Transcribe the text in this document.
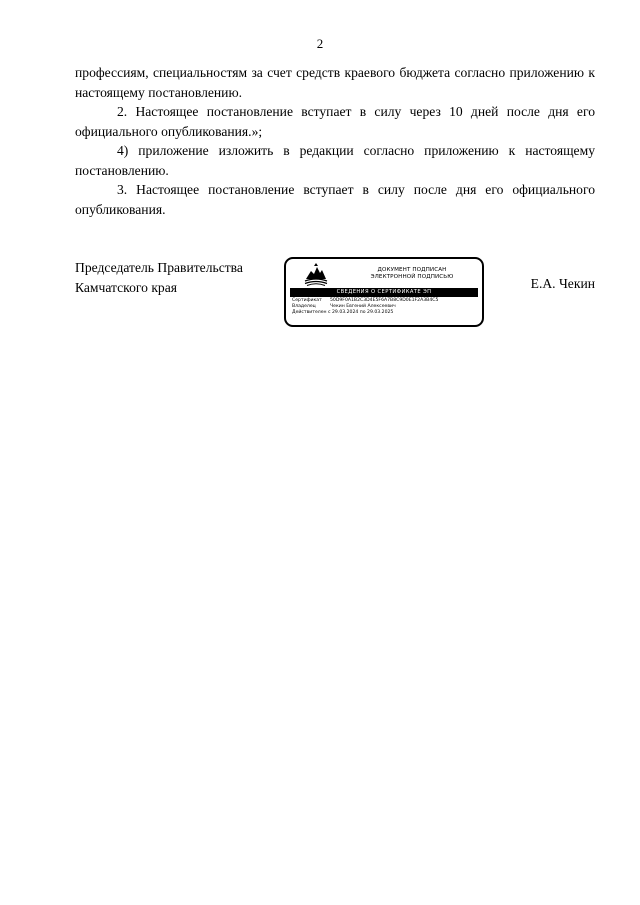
2

профессиям, специальностям за счет средств краевого бюджета согласно приложению к настоящему постановлению.

2. Настоящее постановление вступает в силу через 10 дней после дня его официального опубликования.»;

4) приложение изложить в редакции согласно приложению к настоящему постановлению.

3. Настоящее постановление вступает в силу после дня его официального опубликования.

Председатель Правительства
Камчатского края
ДОКУМЕНТ ПОДПИСАН
ЭЛЕКТРОННОЙ ПОДПИСЬЮ
СВЕДЕНИЯ О СЕРТИФИКАТЕ ЭП
Сертификат 50D9F0A1B2C3D4E5F6A7B8C9D0E1F2A3B4C5
Владелец	Чекин Евгений Алексеевич
Действителен с 29.03.2024 по 29.03.2025
Е.А. Чекин
